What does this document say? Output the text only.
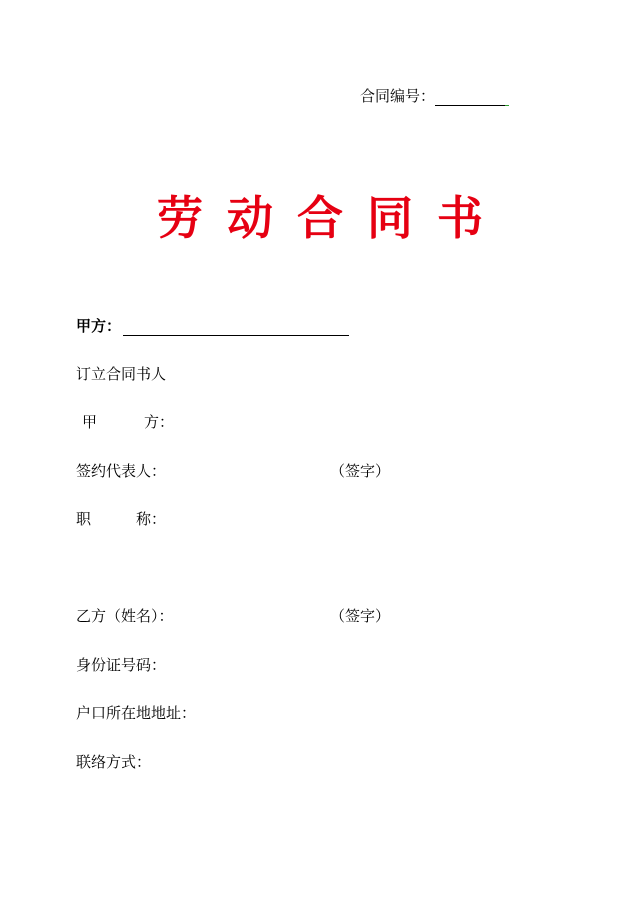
合同编号：
劳动合同书
甲方：
订立合同书人
甲	方：
签约代表人：	（签字）
职	称：
乙方（姓名）：	（签字）
身份证号码：
户口所在地地址：
联络方式：
